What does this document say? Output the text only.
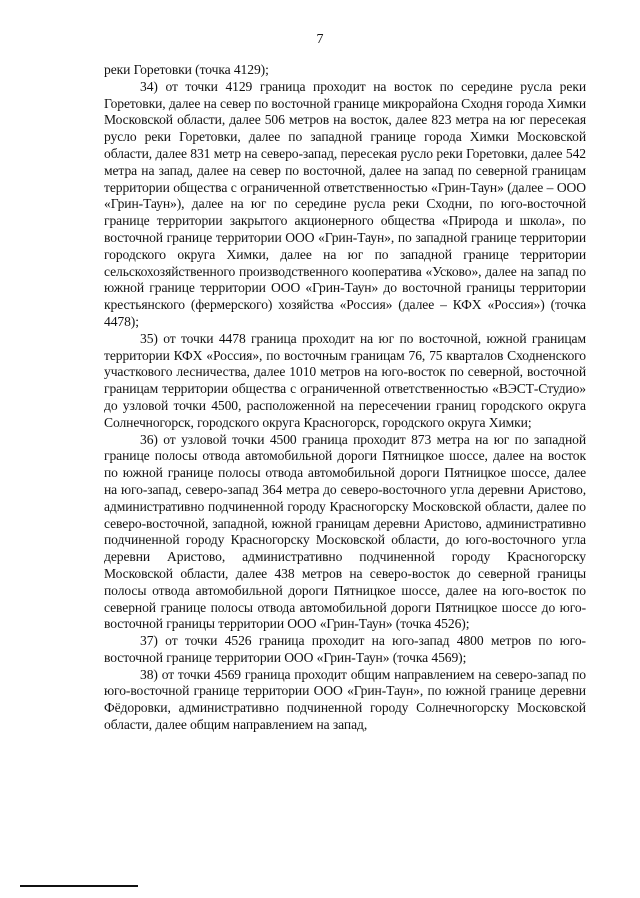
7

реки Горетовки (точка 4129);

34) от точки 4129 граница проходит на восток по середине русла реки Горетовки, далее на север по восточной границе микрорайона Сходня города Химки Московской области, далее 506 метров на восток, далее 823 метра на юг пересекая русло реки Горетовки, далее по западной границе города Химки Московской области, далее 831 метр на северо-запад, пересекая русло реки Горетовки, далее 542 метра на запад, далее на север по восточной, далее на запад по северной границам территории общества с ограниченной ответственностью «Грин-Таун» (далее – ООО «Грин-Таун»), далее на юг по середине русла реки Сходни, по юго-восточной границе территории закрытого акционерного общества «Природа и школа», по восточной границе территории ООО «Грин-Таун», по западной границе территории городского округа Химки, далее на юг по западной границе территории сельскохозяйственного производственного кооператива «Усково», далее на запад по южной границе территории ООО «Грин-Таун» до восточной границы территории крестьянского (фермерского) хозяйства «Россия» (далее – КФХ «Россия») (точка 4478);

35) от точки 4478 граница проходит на юг по восточной, южной границам территории КФХ «Россия», по восточным границам 76, 75 кварталов Сходненского участкового лесничества, далее 1010 метров на юго-восток по северной, восточной границам территории общества с ограниченной ответственностью «ВЭСТ-Студио» до узловой точки 4500, расположенной на пересечении границ городского округа Солнечногорск, городского округа Красногорск, городского округа Химки;

36) от узловой точки 4500 граница проходит 873 метра на юг по западной границе полосы отвода автомобильной дороги Пятницкое шоссе, далее на восток по южной границе полосы отвода автомобильной дороги Пятницкое шоссе, далее на юго-запад, северо-запад 364 метра до северо-восточного угла деревни Аристово, административно подчиненной городу Красногорску Московской области, далее по северо-восточной, западной, южной границам деревни Аристово, административно подчиненной городу Красногорску Московской области, до юго-восточного угла деревни Аристово, административно подчиненной городу Красногорску Московской области, далее 438 метров на северо-восток до северной границы полосы отвода автомобильной дороги Пятницкое шоссе, далее на юго-восток по северной границе полосы отвода автомобильной дороги Пятницкое шоссе до юго-восточной границы территории ООО «Грин-Таун» (точка 4526);

37) от точки 4526 граница проходит на юго-запад 4800 метров по юго-восточной границе территории ООО «Грин-Таун» (точка 4569);

38) от точки 4569 граница проходит общим направлением на северо-запад по юго-восточной границе территории ООО «Грин-Таун», по южной границе деревни Фёдоровки, административно подчиненной городу Солнечногорску Московской области, далее общим направлением на запад,
